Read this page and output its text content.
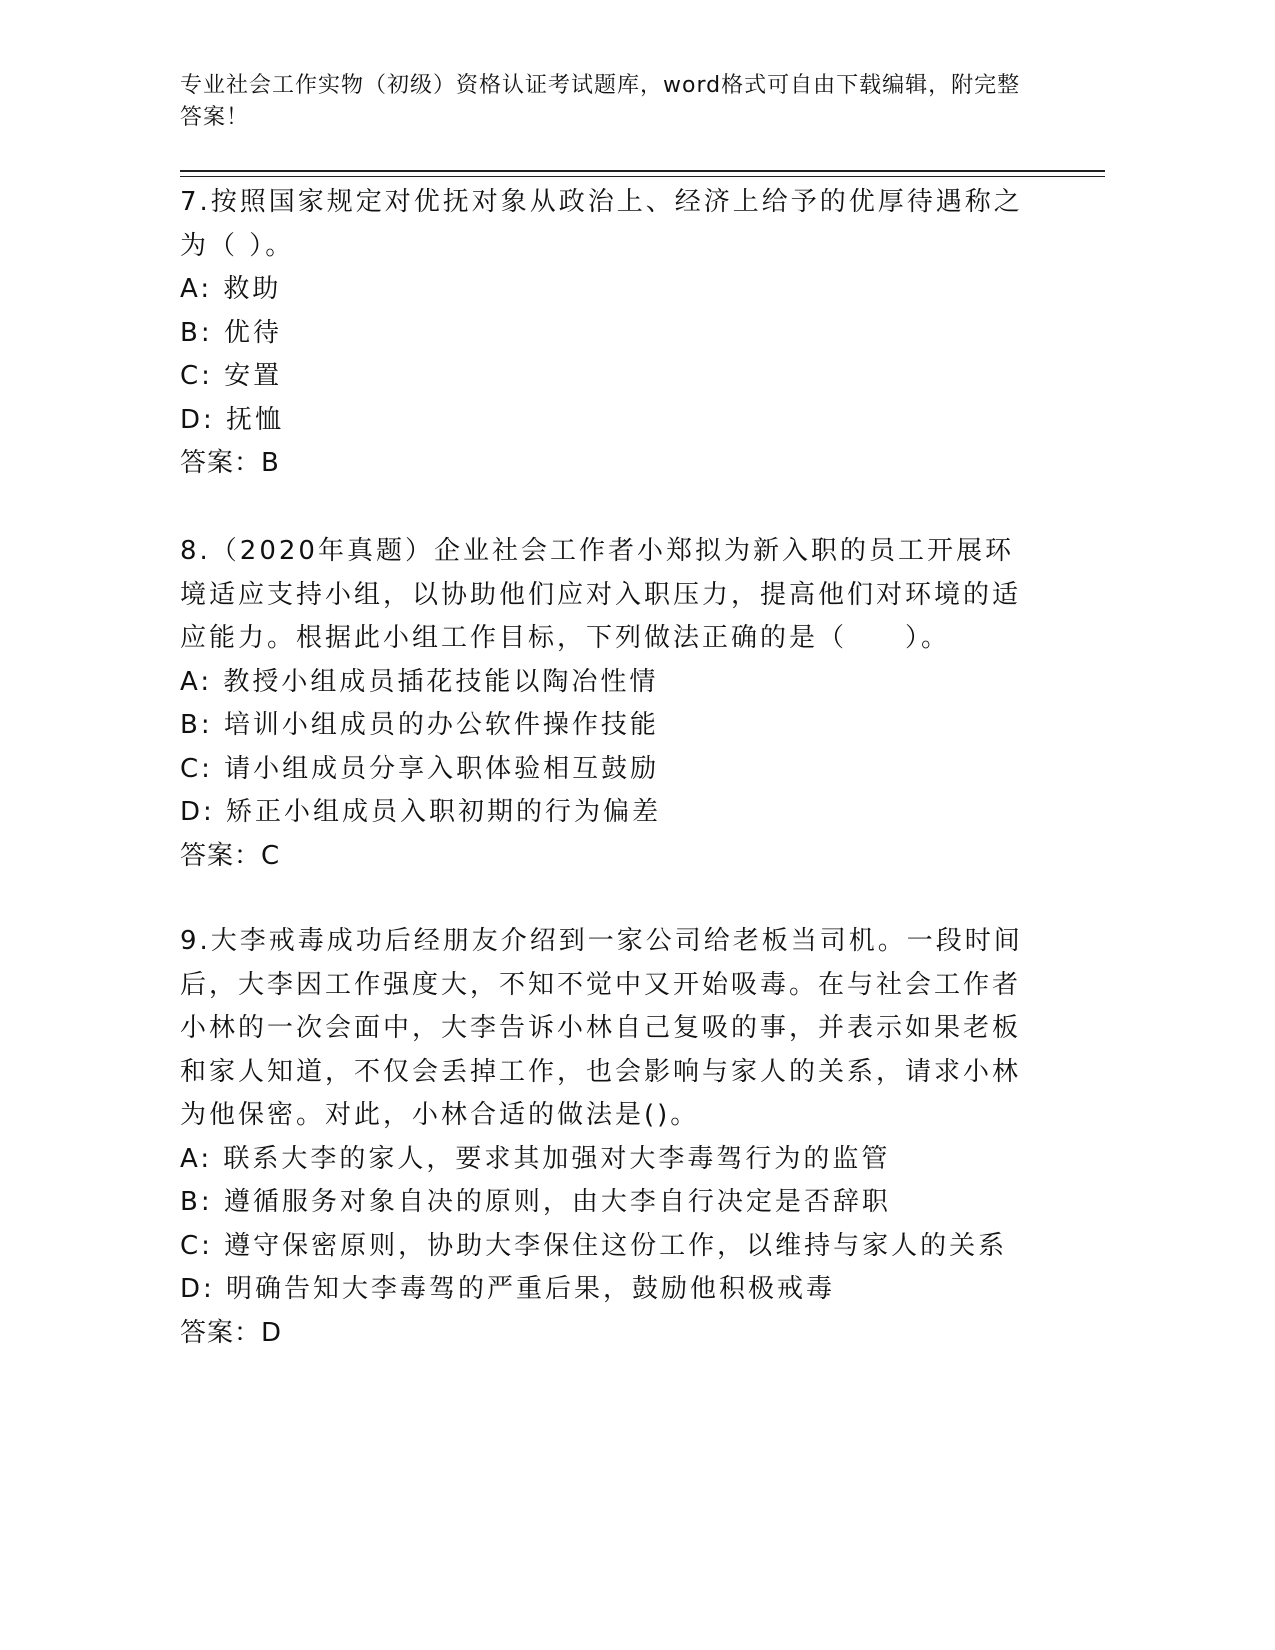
专业社会工作实物（初级）资格认证考试题库，word格式可自由下载编辑，附完整答案！

7.按照国家规定对优抚对象从政治上、经济上给予的优厚待遇称之为（ ）。

A: 救助

B: 优待

C: 安置

D: 抚恤

答案：B

8.（2020年真题）企业社会工作者小郑拟为新入职的员工开展环境适应支持小组，以协助他们应对入职压力，提高他们对环境的适应能力。根据此小组工作目标，下列做法正确的是（　　）。

A: 教授小组成员插花技能以陶冶性情

B: 培训小组成员的办公软件操作技能

C: 请小组成员分享入职体验相互鼓励

D: 矫正小组成员入职初期的行为偏差

答案：C

9.大李戒毒成功后经朋友介绍到一家公司给老板当司机。一段时间后，大李因工作强度大，不知不觉中又开始吸毒。在与社会工作者小林的一次会面中，大李告诉小林自己复吸的事，并表示如果老板和家人知道，不仅会丢掉工作，也会影响与家人的关系，请求小林为他保密。对此，小林合适的做法是()。

A: 联系大李的家人，要求其加强对大李毒驾行为的监管

B: 遵循服务对象自决的原则，由大李自行决定是否辞职

C: 遵守保密原则，协助大李保住这份工作，以维持与家人的关系

D: 明确告知大李毒驾的严重后果，鼓励他积极戒毒

答案：D
